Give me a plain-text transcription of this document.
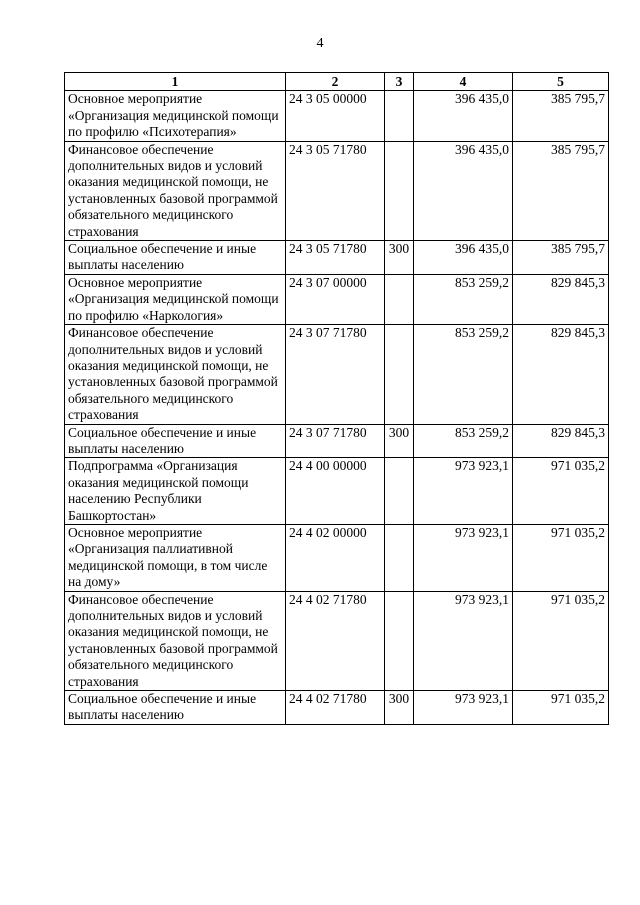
4
1	2	3	4	5
Основное мероприятие «Организация медицинской помощи по профилю «Психотерапия»	24 3 05 00000		396 435,0	385 795,7
Финансовое обеспечение дополнительных видов и условий оказания медицинской помощи, не установленных базовой программой обязательного медицинского страхования	24 3 05 71780		396 435,0	385 795,7
Социальное обеспечение и иные выплаты населению	24 3 05 71780	300	396 435,0	385 795,7
Основное мероприятие «Организация медицинской помощи по профилю «Наркология»	24 3 07 00000		853 259,2	829 845,3
Финансовое обеспечение дополнительных видов и условий оказания медицинской помощи, не установленных базовой программой обязательного медицинского страхования	24 3 07 71780		853 259,2	829 845,3
Социальное обеспечение и иные выплаты населению	24 3 07 71780	300	853 259,2	829 845,3
Подпрограмма «Организация оказания медицинской помощи населению Республики Башкортостан»	24 4 00 00000		973 923,1	971 035,2
Основное мероприятие «Организация паллиативной медицинской помощи, в том числе на дому»	24 4 02 00000		973 923,1	971 035,2
Финансовое обеспечение дополнительных видов и условий оказания медицинской помощи, не установленных базовой программой обязательного медицинского страхования	24 4 02 71780		973 923,1	971 035,2
Социальное обеспечение и иные выплаты населению	24 4 02 71780	300	973 923,1	971 035,2
